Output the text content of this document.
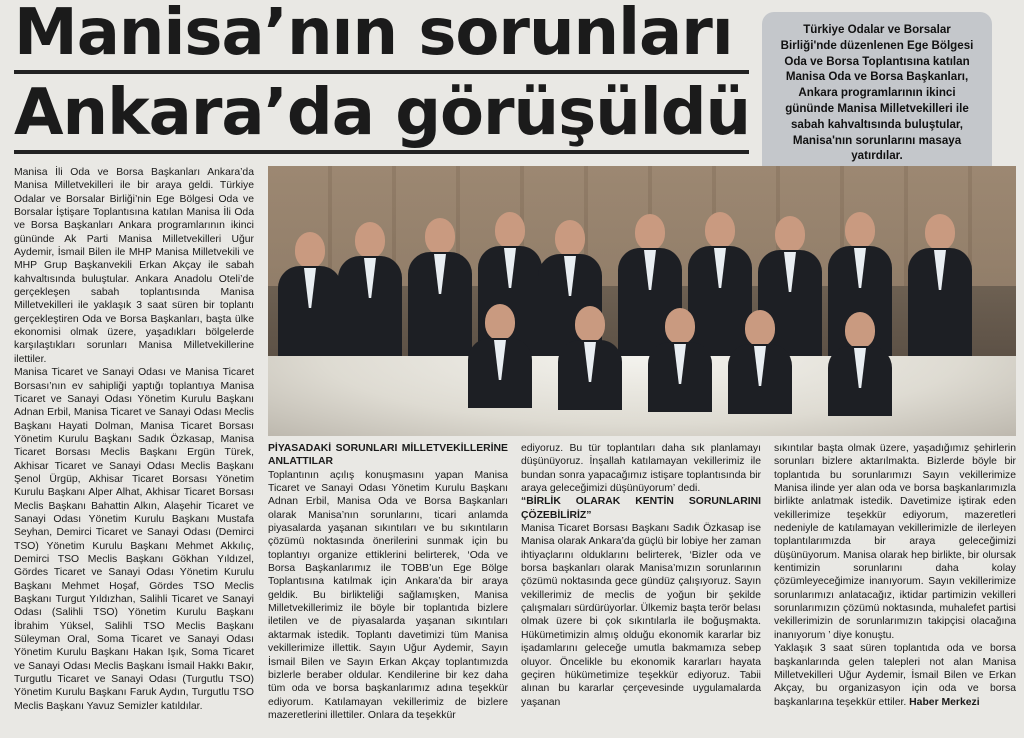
Manisa’nın sorunları
Ankara’da görüşüldü
Türkiye Odalar ve Borsalar Birliği'nde düzenlenen Ege Bölgesi Oda ve Borsa Toplantısına katılan Manisa Oda ve Borsa Başkanları, Ankara programlarının ikinci gününde Manisa Milletvekilleri ile sabah kahvaltısında buluştular, Manisa'nın sorunlarını masaya yatırdılar.

Manisa İli Oda ve Borsa Başkanları Ankara’da Manisa Milletvekilleri ile bir araya geldi. Türkiye Odalar ve Borsalar Birliği’nin Ege Bölgesi Oda ve Borsalar İştişare Toplantısına katılan Manisa İli Oda ve Borsa Başkanları Ankara programlarının ikinci gününde Ak Parti Manisa Milletvekilleri Uğur Aydemir, İsmail Bilen ile MHP Manisa Milletvekili ve MHP Grup Başkanvekili Erkan Akçay ile sabah kahvaltısında buluştular. Ankara Anadolu Oteli’de gerçekleşen sabah toplantısında Manisa Milletvekilleri ile yaklaşık 3 saat süren bir toplantı gerçekleştiren Oda ve Borsa Başkanları, başta ülke ekonomisi olmak üzere, yaşadıkları bölgelerde karşılaştıkları sorunları Manisa Milletvekillerine ilettiler.

Manisa Ticaret ve Sanayi Odası ve Manisa Ticaret Borsası’nın ev sahipliği yaptığı toplantıya Manisa Ticaret ve Sanayi Odası Yönetim Kurulu Başkanı Adnan Erbil, Manisa Ticaret ve Sanayi Odası Meclis Başkanı Hayati Dolman, Manisa Ticaret Borsası Yönetim Kurulu Başkanı Sadık Özkasap, Manisa Ticaret Borsası Meclis Başkanı Ergün Türek, Akhisar Ticaret ve Sanayi Odası Meclis Başkanı Şenol Ürgüp, Akhisar Ticaret Borsası Yönetim Kurulu Başkanı Alper Alhat, Akhisar Ticaret Borsası Meclis Başkanı Bahattin Alkın, Alaşehir Ticaret ve Sanayi Odası Yönetim Kurulu Başkanı Mustafa Seyhan, Demirci Ticaret ve Sanayi Odası (Demirci TSO) Yönetim Kurulu Başkanı Mehmet Akkılıç, Demirci TSO Meclis Başkanı Gökhan Yıldızel, Gördes Ticaret ve Sanayi Odası Yönetim Kurulu Başkanı Mehmet Hoşaf, Gördes TSO Meclis Başkanı Turgut Yıldızhan, Salihli Ticaret ve Sanayi Odası (Salihli TSO) Yönetim Kurulu Başkanı İbrahim Yüksel, Salihli TSO Meclis Başkanı Süleyman Oral, Soma Ticaret ve Sanayi Odası Yönetim Kurulu Başkanı Hakan Işık, Soma Ticaret ve Sanayi Odası Meclis Başkanı İsmail Hakkı Bakır, Turgutlu Ticaret ve Sanayi Odası (Turgutlu TSO) Yönetim Kurulu Başkanı Faruk Aydın, Turgutlu TSO Meclis Başkanı Yavuz Semizler katıldılar.

PİYASADAKİ SORUNLARI MİLLETVEKİLLERİNE ANLATTILAR

Toplantının açılış konuşmasını yapan Manisa Ticaret ve Sanayi Odası Yönetim Kurulu Başkanı Adnan Erbil, Manisa Oda ve Borsa Başkanları olarak Manisa’nın sorunlarını, ticari anlamda piyasalarda yaşanan sıkıntıları ve bu sıkıntıların çözümü noktasında önerilerini sunmak için bu toplantıyı organize ettiklerini belirterek, ‘Oda ve Borsa Başkanlarımız ile TOBB’un Ege Bölge Toplantısına katılmak için Ankara’da bir araya geldik. Bu birlikteliği sağlamışken, Manisa Milletvekillerimiz ile böyle bir toplantıda bizlere iletilen ve de piyasalarda yaşanan sıkıntıları aktarmak istedik. Toplantı davetimizi tüm Manisa vekillerimize illettik. Sayın Uğur Aydemir, Sayın İsmail Bilen ve Sayın Erkan Akçay toplantımızda bizlerle beraber oldular. Kendilerine bir kez daha tüm oda ve borsa başkanlarımız adına teşekkür ediyorum. Katılamayan vekillerimiz de bizlere mazeretlerini illettiler. Onlara da teşekkür

ediyoruz. Bu tür toplantıları daha sık planlamayı düşünüyoruz. İnşallah katılamayan vekillerimiz ile bundan sonra yapacağımız istişare toplantısında bir araya geleceğimizi düşünüyorum’ dedi.

“BİRLİK OLARAK KENTİN SORUNLARINI ÇÖZEBİLİRİZ”

Manisa Ticaret Borsası Başkanı Sadık Özkasap ise Manisa olarak Ankara’da güçlü bir lobiye her zaman ihtiyaçlarını olduklarını belirterek, ‘Bizler oda ve borsa başkanları olarak Manisa’mızın sorunlarının çözümü noktasında gece gündüz çalışıyoruz. Sayın vekillerimiz de meclis de yoğun bir şekilde çalışmaları sürdürüyorlar. Ülkemiz başta terör belası olmak üzere bi çok sıkıntılarla ile boğuşmakta. Hükümetimizin almış olduğu ekonomik kararlar biz işadamlarını geleceğe umutla bakmamıza sebep oluyor. Öncelikle bu ekonomik kararları hayata geçiren hükümetimize teşekkür ediyoruz. Tabii alınan bu kararlar çerçevesinde uygulamalarda yaşanan

sıkıntılar başta olmak üzere, yaşadığımız şehirlerin sorunları bizlere aktarılmakta. Bizlerde böyle bir toplantıda bu sorunlarımızı Sayın vekillerimize Manisa ilinde yer alan oda ve borsa başkanlarımızla birlikte anlatmak istedik. Davetimize iştirak eden vekillerimize teşekkür ediyorum, mazeretleri nedeniyle de katılamayan vekillerimizle de ilerleyen toplantılarımızda bir araya geleceğimizi düşünüyorum. Manisa olarak hep birlikte, bir olursak kentimizin sorunlarını daha kolay çözümleyeceğimize inanıyorum. Sayın vekillerimize sorunlarımızı anlatacağız, iktidar partimizin vekilleri sorunlarımızın çözümü noktasında, muhalefet partisi vekillerimizin de sorunlarımızın takipçisi olacağına inanıyorum ’ diye konuştu.

Yaklaşık 3 saat süren toplantıda oda ve borsa başkanlarında gelen talepleri not alan Manisa Milletvekilleri Uğur Aydemir, İsmail Bilen ve Erkan Akçay, bu organizasyon için oda ve borsa başkanlarına teşekkür ettiler. Haber Merkezi
